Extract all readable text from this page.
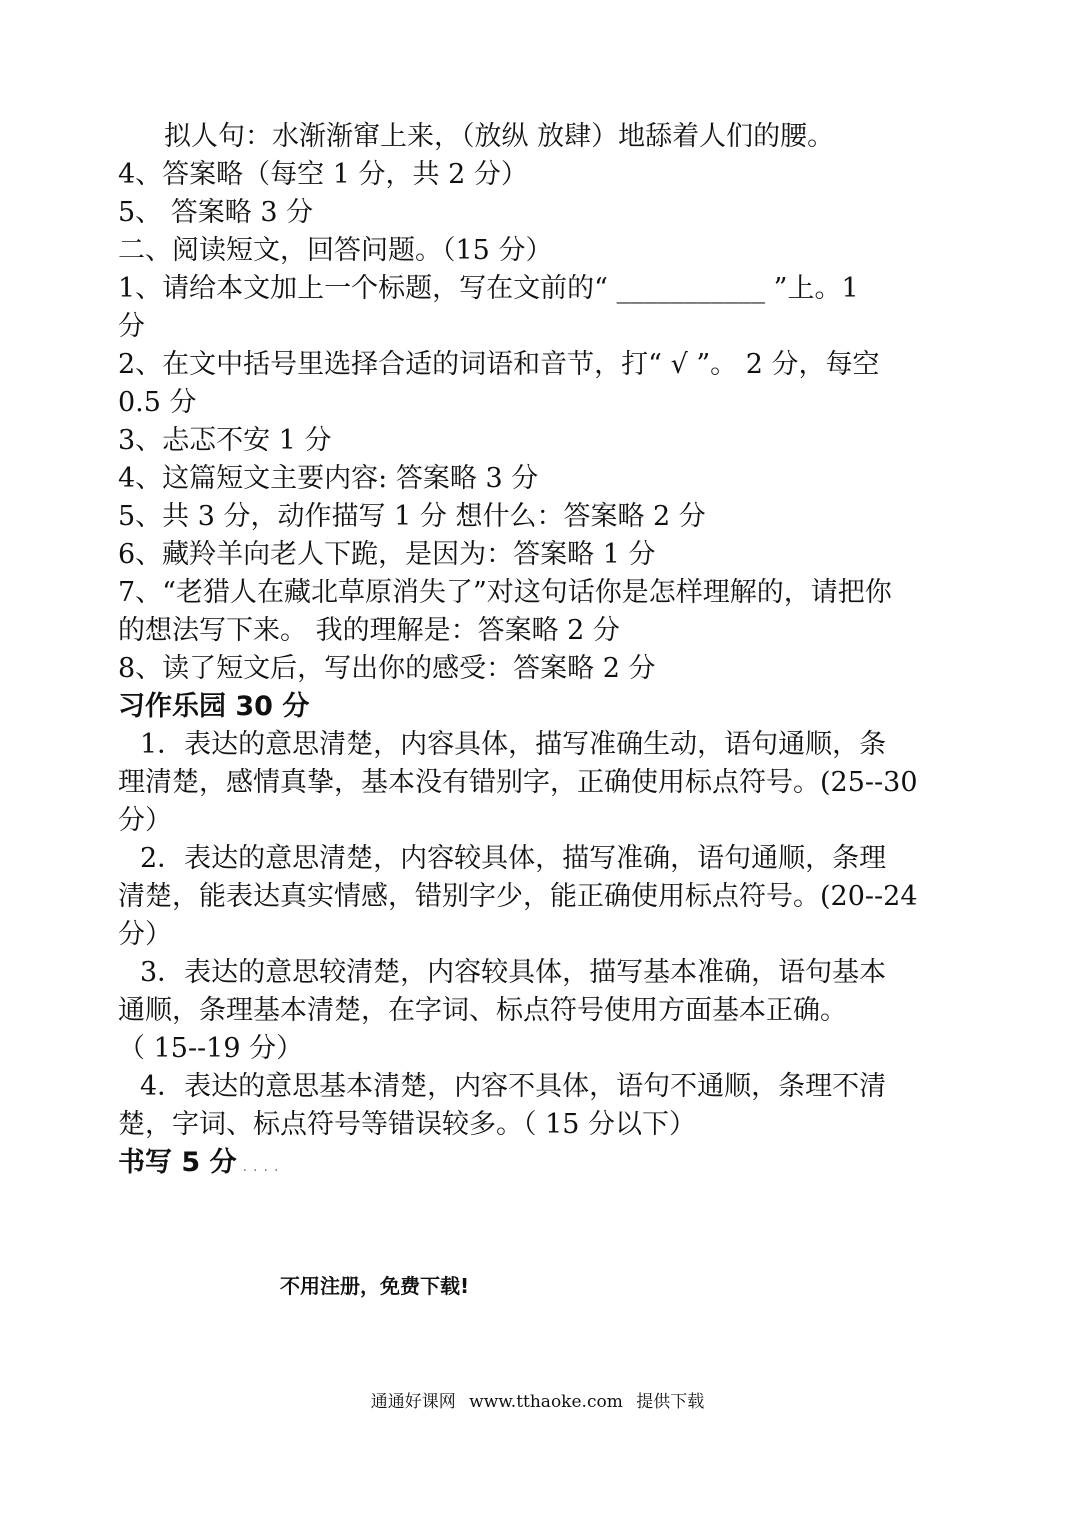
拟人句：水渐渐窜上来，（放纵 放肆）地舔着人们的腰。
4、答案略（每空 1 分，共 2 分）
5、 答案略 3 分
二、阅读短文，回答问题。（15 分）
1、请给本文加上一个标题，写在文前的“ ___________ ”上。1
分
2、在文中括号里选择合适的词语和音节，打“ √ ”。 2 分，每空
0.5 分
3、忐忑不安 1 分
4、这篇短文主要内容: 答案略 3 分
5、共 3 分，动作描写 1 分 想什么：答案略 2 分
6、藏羚羊向老人下跪，是因为：答案略 1 分
7、“老猎人在藏北草原消失了”对这句话你是怎样理解的，请把你
的想法写下来。 我的理解是：答案略 2 分
8、读了短文后，写出你的感受：答案略 2 分
习作乐园 30 分
1．表达的意思清楚，内容具体，描写准确生动，语句通顺，条
理清楚，感情真挚，基本没有错别字，正确使用标点符号。(25--30
分）
2．表达的意思清楚，内容较具体，描写准确，语句通顺，条理
清楚，能表达真实情感，错别字少，能正确使用标点符号。(20--24
分）
3．表达的意思较清楚，内容较具体，描写基本准确，语句基本
通顺，条理基本清楚，在字词、标点符号使用方面基本正确。
（ 15--19 分）
4．表达的意思基本清楚，内容不具体，语句不通顺，条理不清
楚，字词、标点符号等错误较多。（ 15 分以下）
书写 5 分 ....
不用注册，免费下载!
通通好课网 www.tthaoke.com 提供下载
